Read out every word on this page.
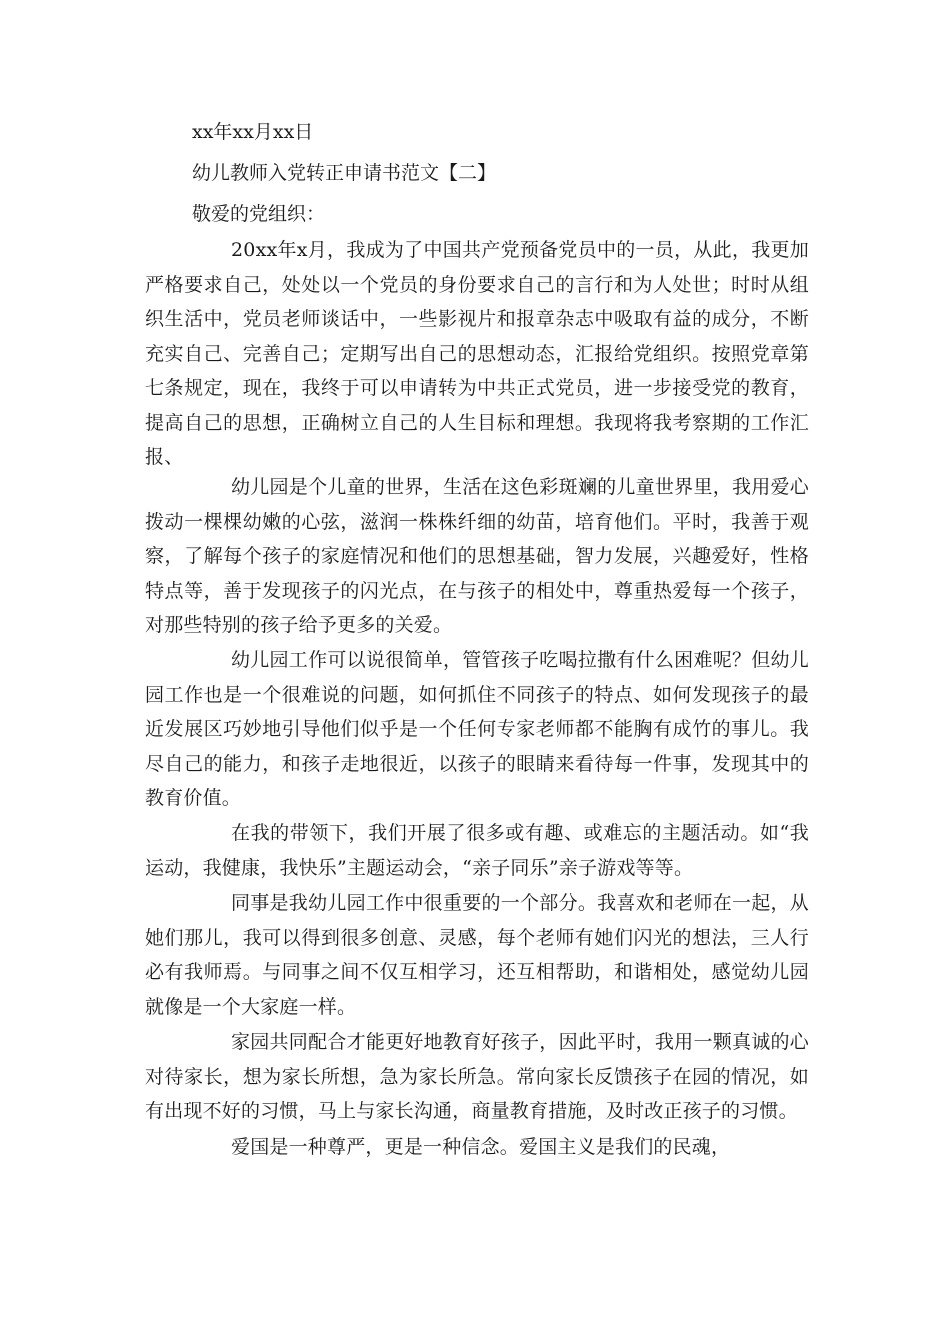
xx年xx月xx日

幼儿教师入党转正申请书范文【二】

敬爱的党组织：

20xx年x月，我成为了中国共产党预备党员中的一员，从此，我更加严格要求自己，处处以一个党员的身份要求自己的言行和为人处世；时时从组织生活中，党员老师谈话中，一些影视片和报章杂志中吸取有益的成分，不断充实自己、完善自己；定期写出自己的思想动态，汇报给党组织。按照党章第七条规定，现在，我终于可以申请转为中共正式党员，进一步接受党的教育，提高自己的思想，正确树立自己的人生目标和理想。我现将我考察期的工作汇报、

幼儿园是个儿童的世界，生活在这色彩斑斓的儿童世界里，我用爱心拨动一棵棵幼嫩的心弦，滋润一株株纤细的幼苗，培育他们。平时，我善于观察，了解每个孩子的家庭情况和他们的思想基础，智力发展，兴趣爱好，性格特点等，善于发现孩子的闪光点，在与孩子的相处中，尊重热爱每一个孩子，对那些特别的孩子给予更多的关爱。

幼儿园工作可以说很简单，管管孩子吃喝拉撒有什么困难呢？但幼儿园工作也是一个很难说的问题，如何抓住不同孩子的特点、如何发现孩子的最近发展区巧妙地引导他们似乎是一个任何专家老师都不能胸有成竹的事儿。我尽自己的能力，和孩子走地很近，以孩子的眼睛来看待每一件事，发现其中的教育价值。

在我的带领下，我们开展了很多或有趣、或难忘的主题活动。如“我运动，我健康，我快乐”主题运动会，“亲子同乐”亲子游戏等等。

同事是我幼儿园工作中很重要的一个部分。我喜欢和老师在一起，从她们那儿，我可以得到很多创意、灵感，每个老师有她们闪光的想法，三人行必有我师焉。与同事之间不仅互相学习，还互相帮助，和谐相处，感觉幼儿园就像是一个大家庭一样。

家园共同配合才能更好地教育好孩子，因此平时，我用一颗真诚的心对待家长，想为家长所想，急为家长所急。常向家长反馈孩子在园的情况，如有出现不好的习惯，马上与家长沟通，商量教育措施，及时改正孩子的习惯。

爱国是一种尊严，更是一种信念。爱国主义是我们的民魂，
